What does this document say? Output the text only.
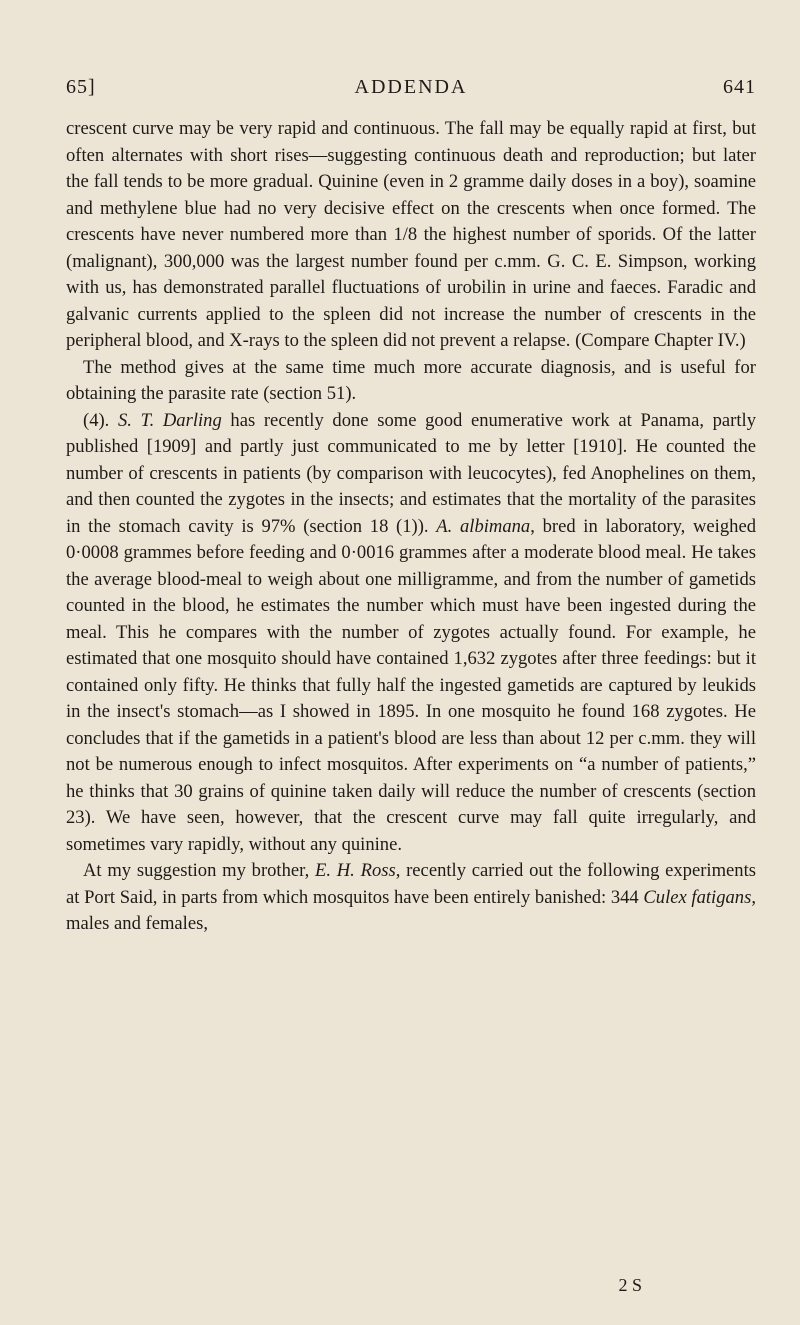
65]	ADDENDA	641

crescent curve may be very rapid and continuous. The fall may be equally rapid at first, but often alternates with short rises—suggesting continuous death and reproduction; but later the fall tends to be more gradual. Quinine (even in 2 gramme daily doses in a boy), soamine and methylene blue had no very decisive effect on the crescents when once formed. The crescents have never numbered more than 1/8 the highest number of sporids. Of the latter (malignant), 300,000 was the largest number found per c.mm. G. C. E. Simpson, working with us, has demonstrated parallel fluctuations of urobilin in urine and faeces. Faradic and galvanic currents applied to the spleen did not increase the number of crescents in the peripheral blood, and X-rays to the spleen did not prevent a relapse. (Compare Chapter IV.)

The method gives at the same time much more accurate diagnosis, and is useful for obtaining the parasite rate (section 51).

(4). S. T. Darling has recently done some good enumerative work at Panama, partly published [1909] and partly just communicated to me by letter [1910]. He counted the number of crescents in patients (by comparison with leucocytes), fed Anophelines on them, and then counted the zygotes in the insects; and estimates that the mortality of the parasites in the stomach cavity is 97% (section 18 (1)). A. albimana, bred in laboratory, weighed 0·0008 grammes before feeding and 0·0016 grammes after a moderate blood meal. He takes the average blood-meal to weigh about one milligramme, and from the number of gametids counted in the blood, he estimates the number which must have been ingested during the meal. This he compares with the number of zygotes actually found. For example, he estimated that one mosquito should have contained 1,632 zygotes after three feedings: but it contained only fifty. He thinks that fully half the ingested gametids are captured by leukids in the insect's stomach—as I showed in 1895. In one mosquito he found 168 zygotes. He concludes that if the gametids in a patient's blood are less than about 12 per c.mm. they will not be numerous enough to infect mosquitos. After experiments on “a number of patients,” he thinks that 30 grains of quinine taken daily will reduce the number of crescents (section 23). We have seen, however, that the crescent curve may fall quite irregularly, and sometimes vary rapidly, without any quinine.

At my suggestion my brother, E. H. Ross, recently carried out the following experiments at Port Said, in parts from which mosquitos have been entirely banished: 344 Culex fatigans, males and females,

2 S
